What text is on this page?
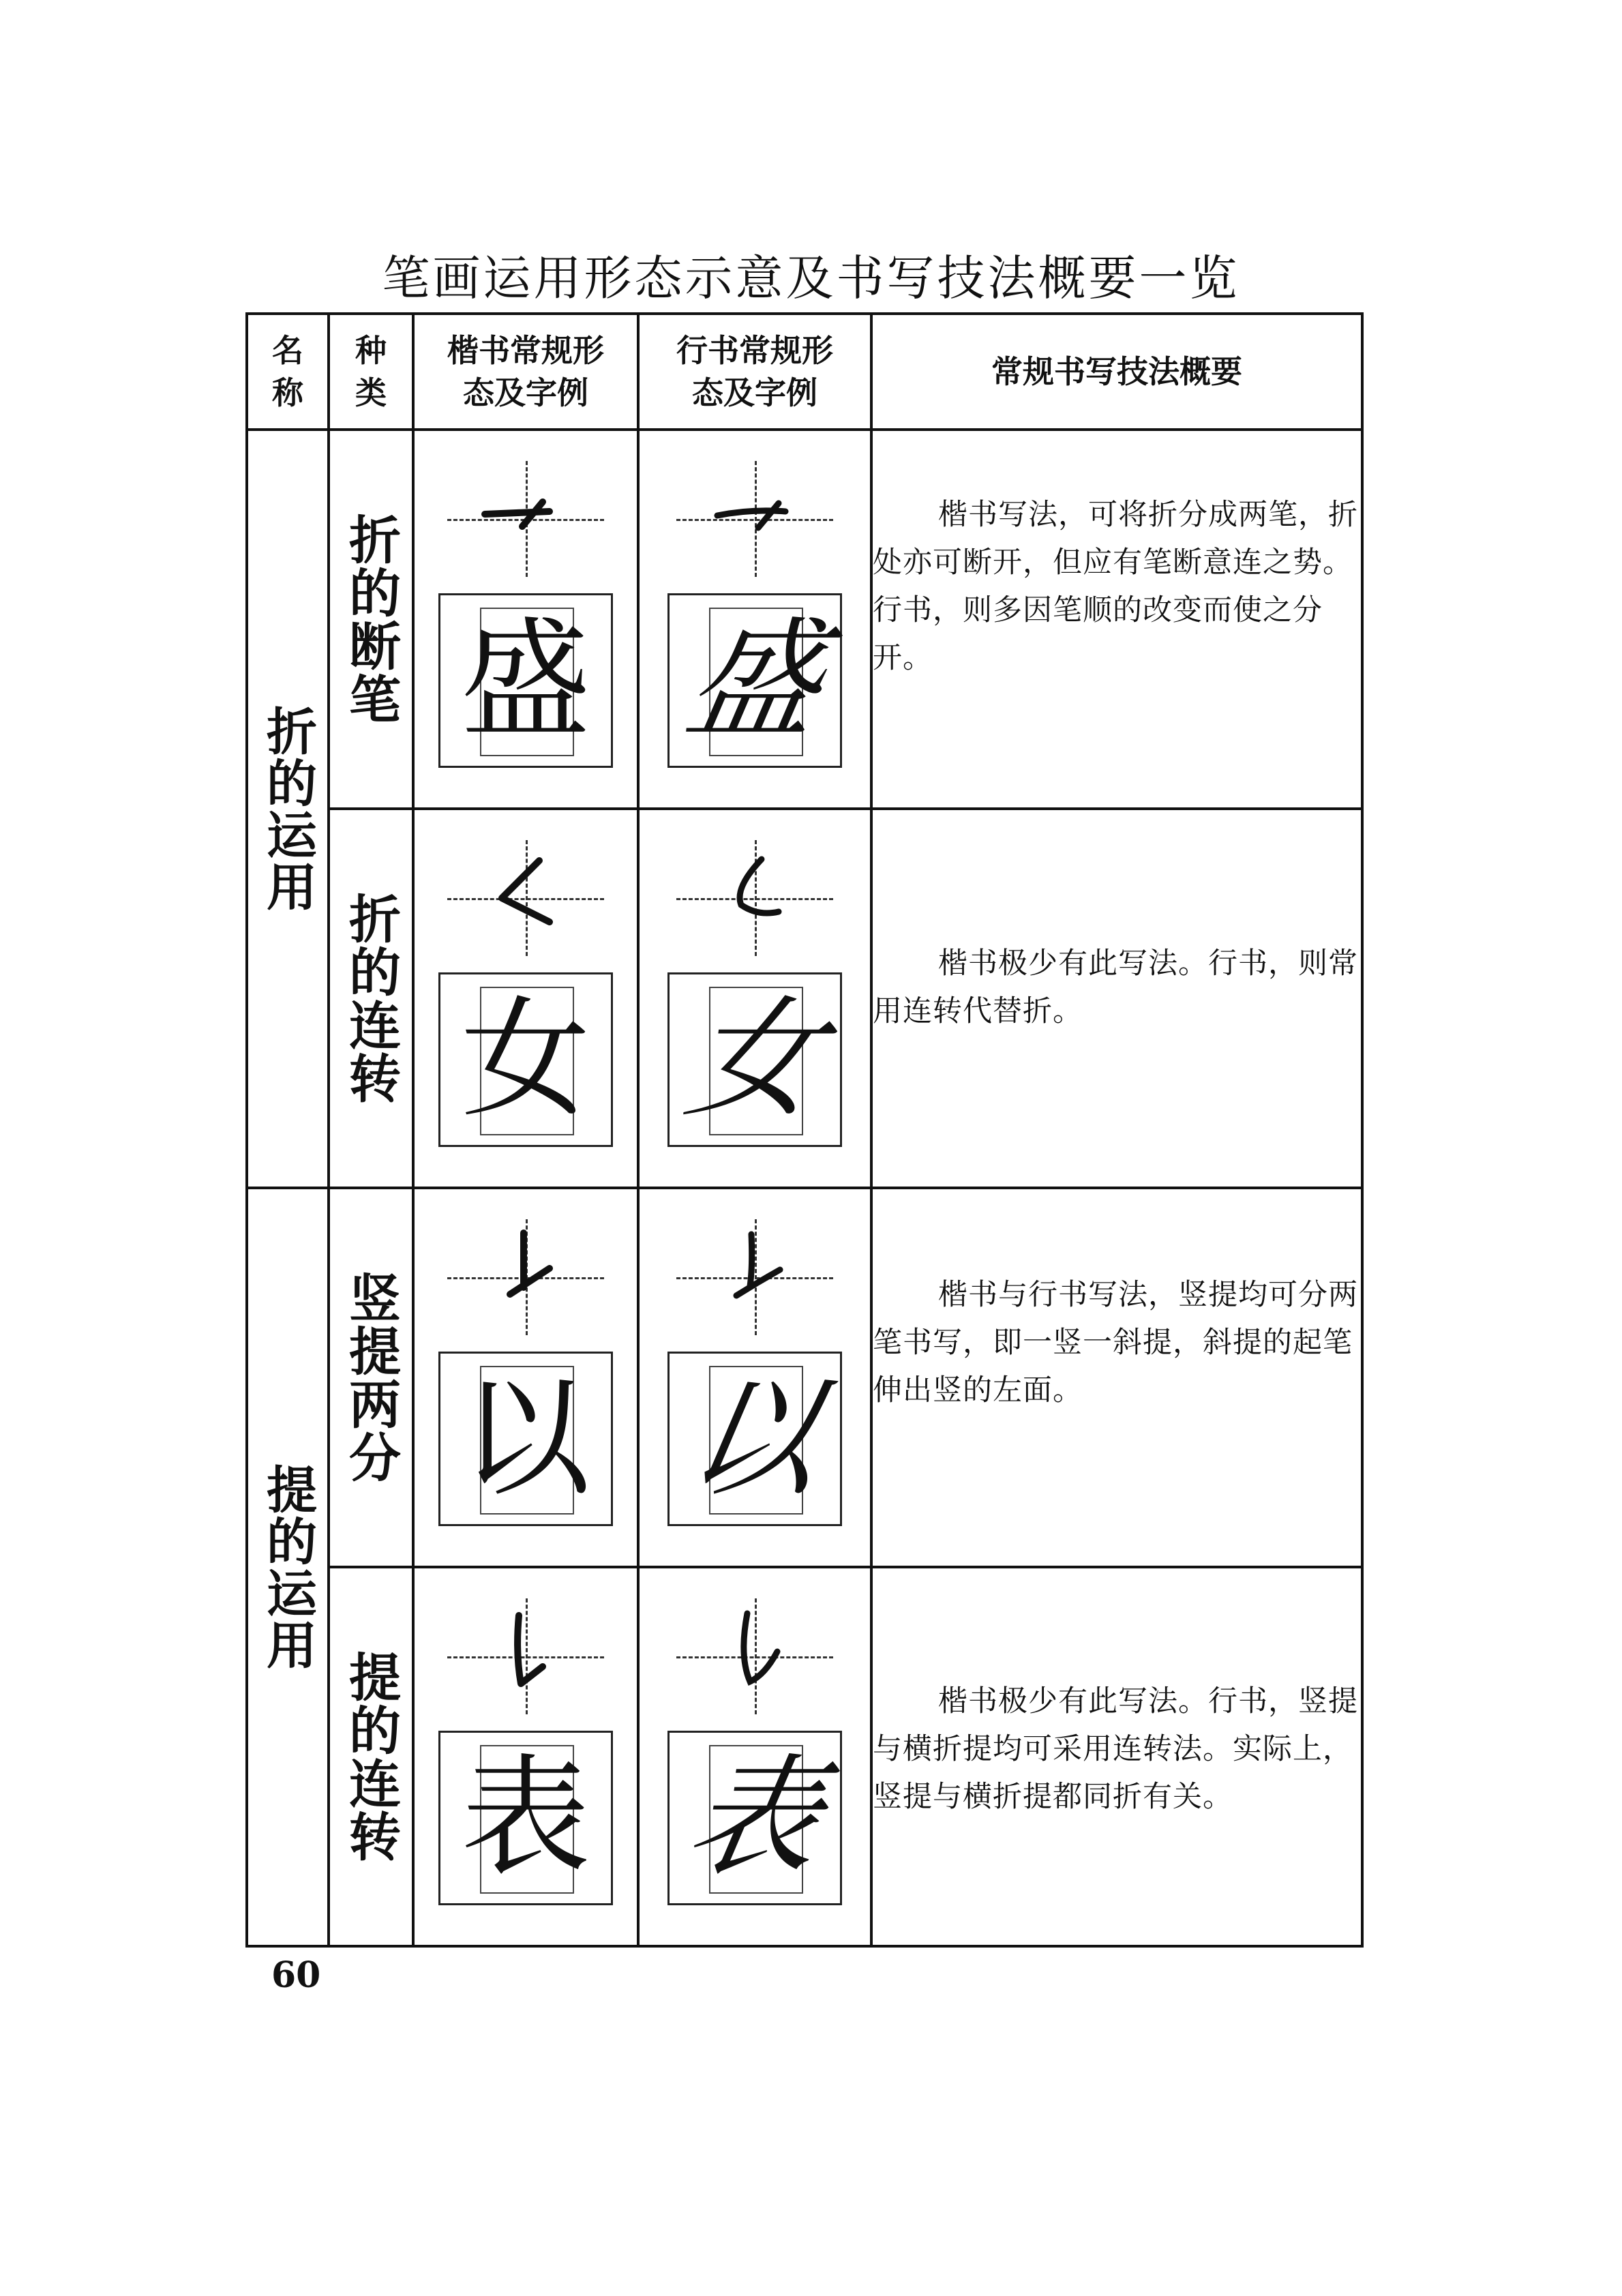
笔画运用形态示意及书写技法概要一览
名称	种类	楷书常规形态及字例	行书常规形态及字例	常规书写技法概要

折的运用	折的断笔	盛	盛	楷书写法，可将折分成两笔，折处亦可断开，但应有笔断意连之势。行书，则多因笔顺的改变而使之分开。

	折的连转	女	女	楷书极少有此写法。行书，则常用连转代替折。

提的运用	竖提两分	以	以	楷书与行书写法，竖提均可分两笔书写，即一竖一斜提，斜提的起笔伸出竖的左面。

	提的连转	表	表	楷书极少有此写法。行书，竖提与横折提均可采用连转法。实际上，竖提与横折提都同折有关。

60
